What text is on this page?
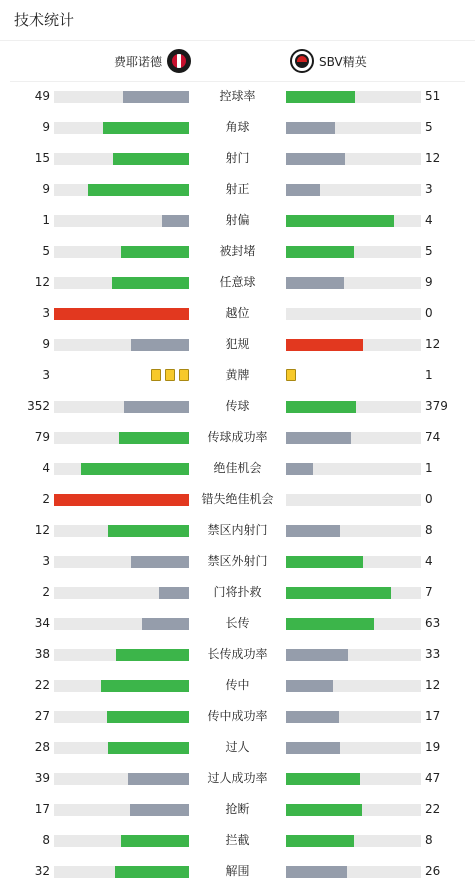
技术统计
费耶诺德	SBV精英
49	控球率	51
9	角球	5
15	射门	12
9	射正	3
1	射偏	4
5	被封堵	5
12	任意球	9
3	越位	0
9	犯规	12
3	黄牌	1
352	传球	379
79	传球成功率	74
4	绝佳机会	1
2	错失绝佳机会	0
12	禁区内射门	8
3	禁区外射门	4
2	门将扑救	7
34	长传	63
38	长传成功率	33
22	传中	12
27	传中成功率	17
28	过人	19
39	过人成功率	47
17	抢断	22
8	拦截	8
32	解围	26
